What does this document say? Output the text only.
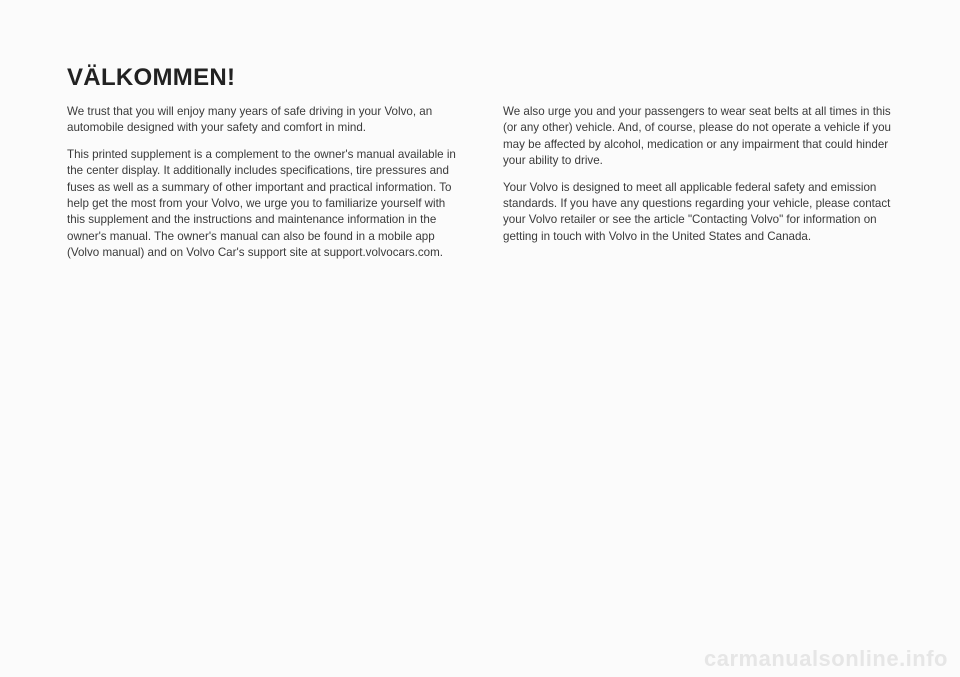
VÄLKOMMEN!

We trust that you will enjoy many years of safe driving in your Volvo, an automobile designed with your safety and comfort in mind.

This printed supplement is a complement to the owner's manual available in the center display. It additionally includes specifications, tire pressures and fuses as well as a summary of other important and practical information. To help get the most from your Volvo, we urge you to familiarize yourself with this supplement and the instructions and maintenance information in the owner's manual. The owner's manual can also be found in a mobile app (Volvo manual) and on Volvo Car's support site at support.volvocars.com.

We also urge you and your passengers to wear seat belts at all times in this (or any other) vehicle. And, of course, please do not operate a vehicle if you may be affected by alcohol, medication or any impairment that could hinder your ability to drive.

Your Volvo is designed to meet all applicable federal safety and emission standards. If you have any questions regarding your vehicle, please contact your Volvo retailer or see the article "Contacting Volvo" for information on getting in touch with Volvo in the United States and Canada.

carmanualsonline.info
